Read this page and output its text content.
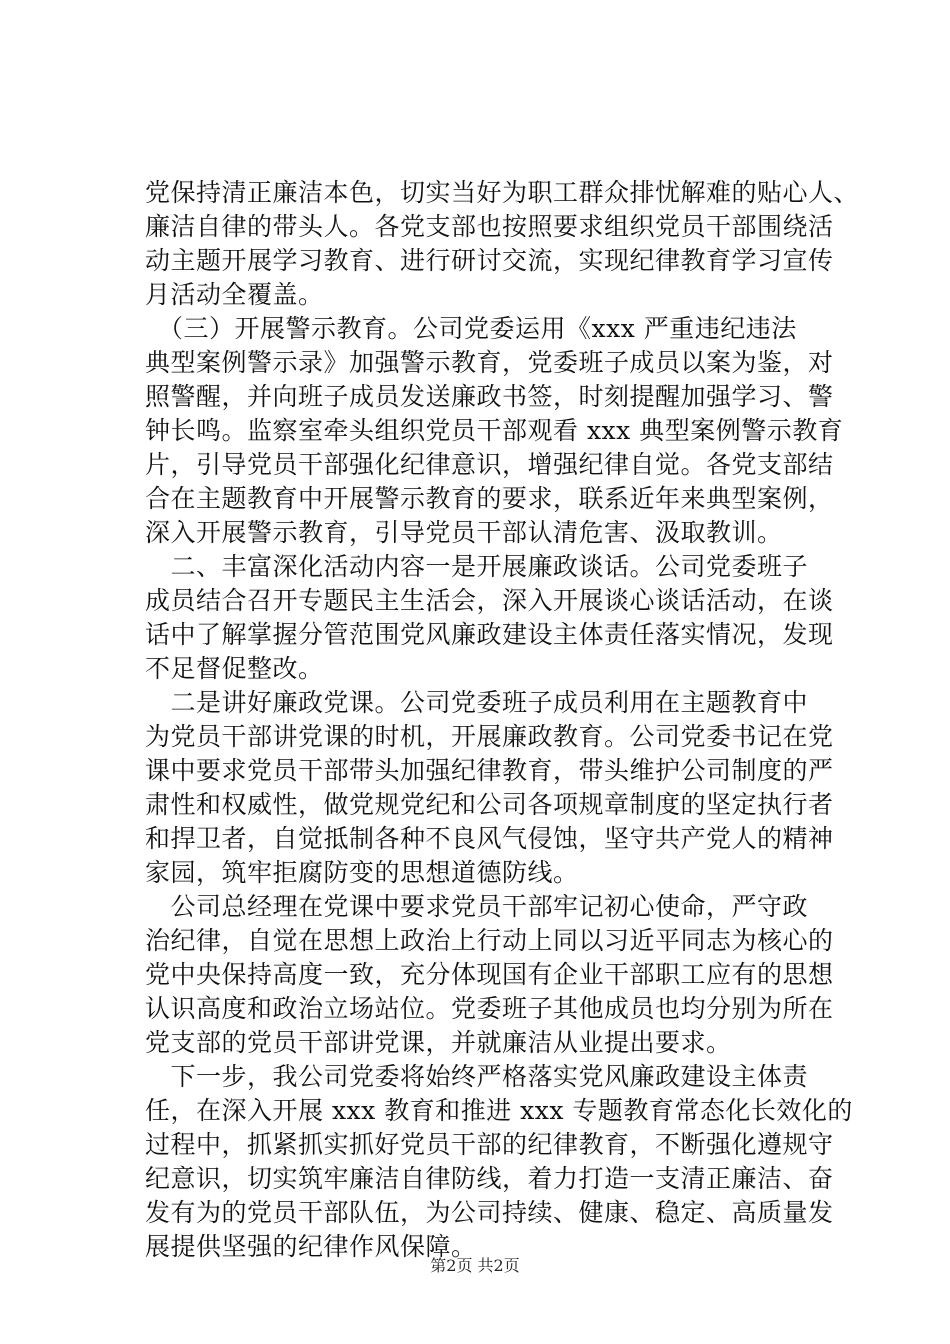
党保持清正廉洁本色，切实当好为职工群众排忧解难的贴心人、
廉洁自律的带头人。各党支部也按照要求组织党员干部围绕活
动主题开展学习教育、进行研讨交流，实现纪律教育学习宣传
月活动全覆盖。
　（三）开展警示教育。公司党委运用《xxx 严重违纪违法
典型案例警示录》加强警示教育，党委班子成员以案为鉴，对
照警醒，并向班子成员发送廉政书签，时刻提醒加强学习、警
钟长鸣。监察室牵头组织党员干部观看 xxx 典型案例警示教育
片，引导党员干部强化纪律意识，增强纪律自觉。各党支部结
合在主题教育中开展警示教育的要求，联系近年来典型案例，
深入开展警示教育，引导党员干部认清危害、汲取教训。
　二、丰富深化活动内容一是开展廉政谈话。公司党委班子
成员结合召开专题民主生活会，深入开展谈心谈话活动，在谈
话中了解掌握分管范围党风廉政建设主体责任落实情况，发现
不足督促整改。
　二是讲好廉政党课。公司党委班子成员利用在主题教育中
为党员干部讲党课的时机，开展廉政教育。公司党委书记在党
课中要求党员干部带头加强纪律教育，带头维护公司制度的严
肃性和权威性，做党规党纪和公司各项规章制度的坚定执行者
和捍卫者，自觉抵制各种不良风气侵蚀，坚守共产党人的精神
家园，筑牢拒腐防变的思想道德防线。
　公司总经理在党课中要求党员干部牢记初心使命，严守政
治纪律，自觉在思想上政治上行动上同以习近平同志为核心的
党中央保持高度一致，充分体现国有企业干部职工应有的思想
认识高度和政治立场站位。党委班子其他成员也均分别为所在
党支部的党员干部讲党课，并就廉洁从业提出要求。
　下一步，我公司党委将始终严格落实党风廉政建设主体责
任，在深入开展 xxx 教育和推进 xxx 专题教育常态化长效化的
过程中，抓紧抓实抓好党员干部的纪律教育，不断强化遵规守
纪意识，切实筑牢廉洁自律防线，着力打造一支清正廉洁、奋
发有为的党员干部队伍，为公司持续、健康、稳定、高质量发
展提供坚强的纪律作风保障。
第2页 共2页
